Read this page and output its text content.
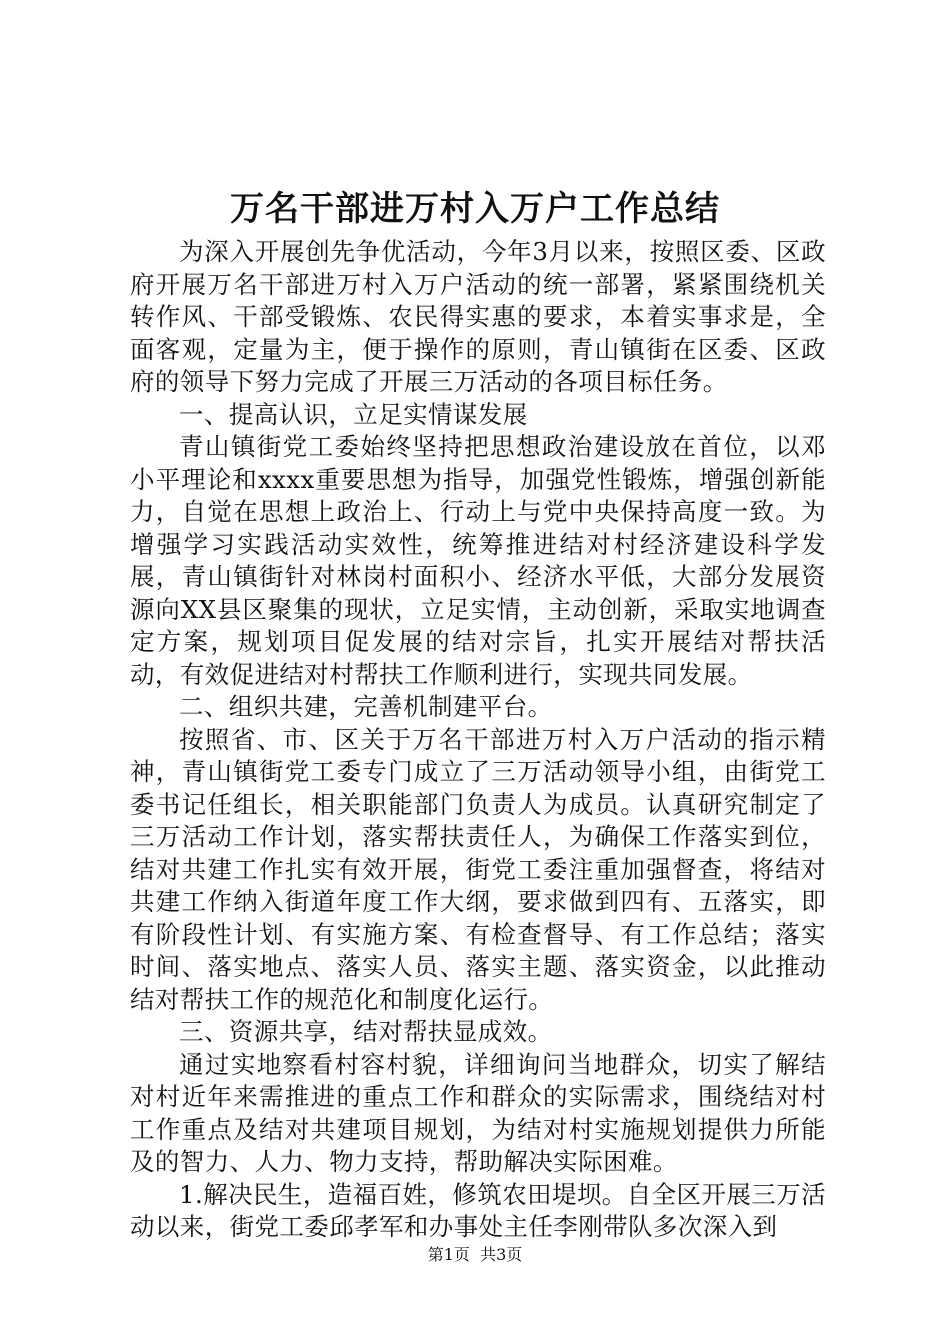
万名干部进万村入万户工作总结

为深入开展创先争优活动，今年3月以来，按照区委、区政府开展万名干部进万村入万户活动的统一部署，紧紧围绕机关转作风、干部受锻炼、农民得实惠的要求，本着实事求是，全面客观，定量为主，便于操作的原则，青山镇街在区委、区政府的领导下努力完成了开展三万活动的各项目标任务。

一、提高认识，立足实情谋发展

青山镇街党工委始终坚持把思想政治建设放在首位，以邓小平理论和xxxx重要思想为指导，加强党性锻炼，增强创新能力，自觉在思想上政治上、行动上与党中央保持高度一致。为增强学习实践活动实效性，统筹推进结对村经济建设科学发展，青山镇街针对林岗村面积小、经济水平低，大部分发展资源向XX县区聚集的现状，立足实情，主动创新，采取实地调查定方案，规划项目促发展的结对宗旨，扎实开展结对帮扶活动，有效促进结对村帮扶工作顺利进行，实现共同发展。

二、组织共建，完善机制建平台。

按照省、市、区关于万名干部进万村入万户活动的指示精神，青山镇街党工委专门成立了三万活动领导小组，由街党工委书记任组长，相关职能部门负责人为成员。认真研究制定了三万活动工作计划，落实帮扶责任人，为确保工作落实到位，结对共建工作扎实有效开展，街党工委注重加强督查，将结对共建工作纳入街道年度工作大纲，要求做到四有、五落实，即有阶段性计划、有实施方案、有检查督导、有工作总结；落实时间、落实地点、落实人员、落实主题、落实资金，以此推动结对帮扶工作的规范化和制度化运行。

三、资源共享，结对帮扶显成效。

通过实地察看村容村貌，详细询问当地群众，切实了解结对村近年来需推进的重点工作和群众的实际需求，围绕结对村工作重点及结对共建项目规划，为结对村实施规划提供力所能及的智力、人力、物力支持，帮助解决实际困难。

1.解决民生，造福百姓，修筑农田堤坝。自全区开展三万活动以来，街党工委邱孝军和办事处主任李刚带队多次深入到

第1页 共3页
